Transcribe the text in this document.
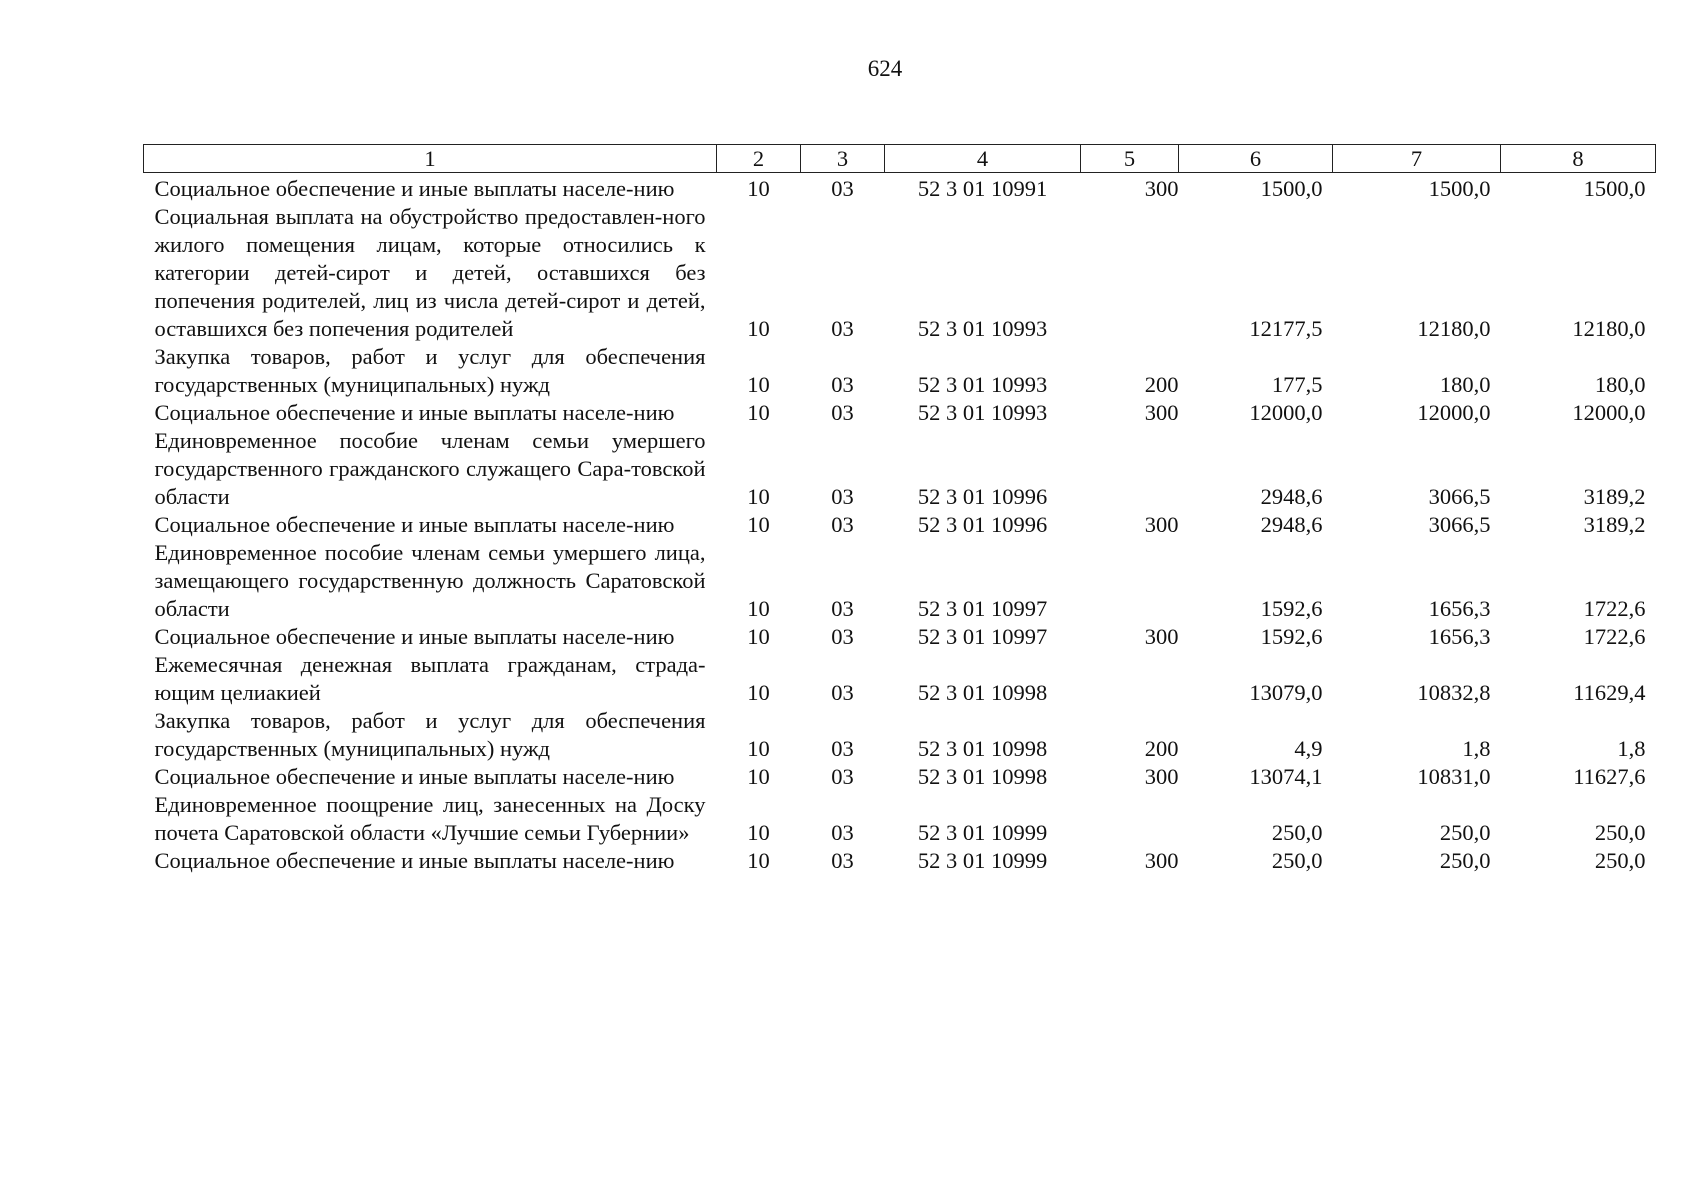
624
1	2	3	4	5	6	7	8

Социальное обеспечение и иные выплаты населе-нию	10	03	52 3 01 10991	300	1500,0	1500,0	1500,0

Социальная выплата на обустройство предоставлен-ного жилого помещения лицам, которые относились к категории детей-сирот и детей, оставшихся без попечения родителей, лиц из числа детей-сирот и детей, оставшихся без попечения родителей	10	03	52 3 01 10993		12177,5	12180,0	12180,0

Закупка товаров, работ и услуг для обеспечения государственных (муниципальных) нужд	10	03	52 3 01 10993	200	177,5	180,0	180,0

Социальное обеспечение и иные выплаты населе-нию	10	03	52 3 01 10993	300	12000,0	12000,0	12000,0

Единовременное пособие членам семьи умершего государственного гражданского служащего Сара-товской области	10	03	52 3 01 10996		2948,6	3066,5	3189,2

Социальное обеспечение и иные выплаты населе-нию	10	03	52 3 01 10996	300	2948,6	3066,5	3189,2

Единовременное пособие членам семьи умершего лица, замещающего государственную должность Саратовской области	10	03	52 3 01 10997		1592,6	1656,3	1722,6

Социальное обеспечение и иные выплаты населе-нию	10	03	52 3 01 10997	300	1592,6	1656,3	1722,6

Ежемесячная денежная выплата гражданам, страда-ющим целиакией	10	03	52 3 01 10998		13079,0	10832,8	11629,4

Закупка товаров, работ и услуг для обеспечения государственных (муниципальных) нужд	10	03	52 3 01 10998	200	4,9	1,8	1,8

Социальное обеспечение и иные выплаты населе-нию	10	03	52 3 01 10998	300	13074,1	10831,0	11627,6

Единовременное поощрение лиц, занесенных на Доску почета Саратовской области «Лучшие семьи Губернии»	10	03	52 3 01 10999		250,0	250,0	250,0

Социальное обеспечение и иные выплаты населе-нию	10	03	52 3 01 10999	300	250,0	250,0	250,0
